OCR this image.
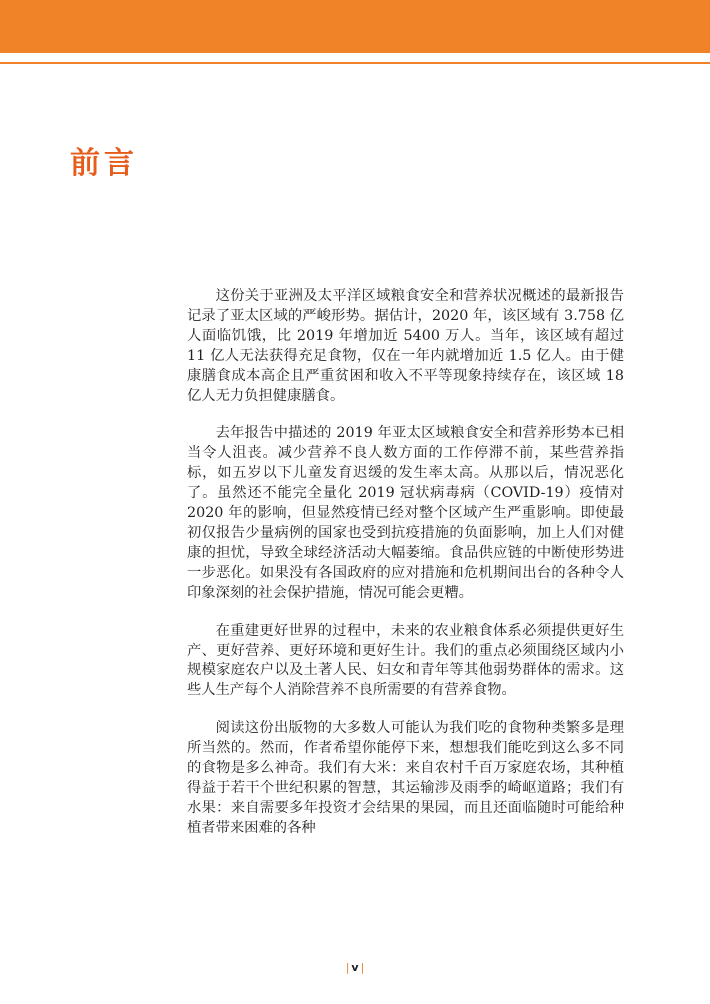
前言

这份关于亚洲及太平洋区域粮食安全和营养状况概述的最新报告记录了亚太区域的严峻形势。据估计，2020 年，该区域有 3.758 亿人面临饥饿，比 2019 年增加近 5400 万人。当年，该区域有超过 11 亿人无法获得充足食物，仅在一年内就增加近 1.5 亿人。由于健康膳食成本高企且严重贫困和收入不平等现象持续存在，该区域 18 亿人无力负担健康膳食。

去年报告中描述的 2019 年亚太区域粮食安全和营养形势本已相当令人沮丧。减少营养不良人数方面的工作停滞不前，某些营养指标，如五岁以下儿童发育迟缓的发生率太高。从那以后，情况恶化了。虽然还不能完全量化 2019 冠状病毒病（COVID-19）疫情对 2020 年的影响，但显然疫情已经对整个区域产生严重影响。即使最初仅报告少量病例的国家也受到抗疫措施的负面影响，加上人们对健康的担忧，导致全球经济活动大幅萎缩。食品供应链的中断使形势进一步恶化。如果没有各国政府的应对措施和危机期间出台的各种令人印象深刻的社会保护措施，情况可能会更糟。

在重建更好世界的过程中，未来的农业粮食体系必须提供更好生产、更好营养、更好环境和更好生计。我们的重点必须围绕区域内小规模家庭农户以及土著人民、妇女和青年等其他弱势群体的需求。这些人生产每个人消除营养不良所需要的有营养食物。

阅读这份出版物的大多数人可能认为我们吃的食物种类繁多是理所当然的。然而，作者希望你能停下来，想想我们能吃到这么多不同的食物是多么神奇。我们有大米：来自农村千百万家庭农场，其种植得益于若干个世纪积累的智慧，其运输涉及雨季的崎岖道路；我们有水果：来自需要多年投资才会结果的果园，而且还面临随时可能给种植者带来困难的各种

| v |
